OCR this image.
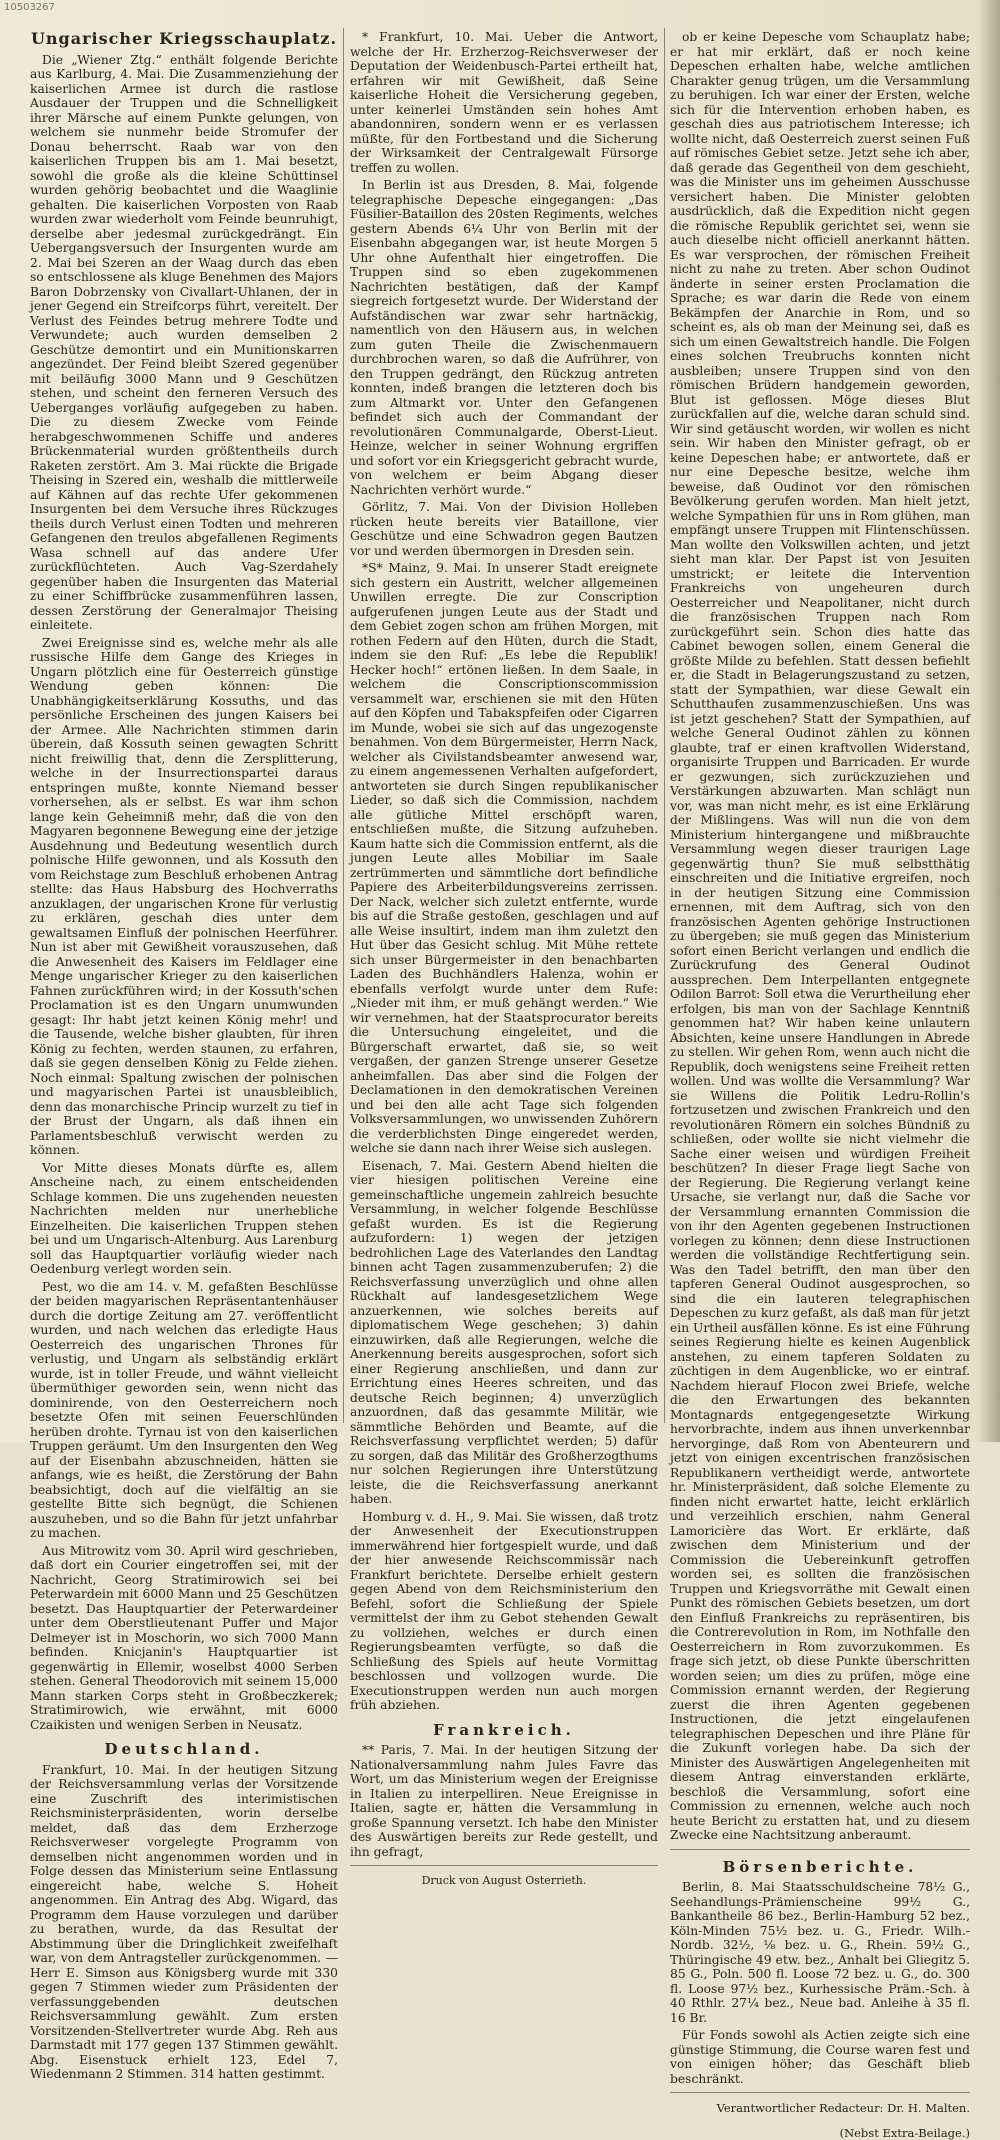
10503267
Ungarischer Kriegsschauplatz.

Die „Wiener Ztg.“ enthält folgende Berichte aus Karlburg, 4. Mai. Die Zusammenziehung der kaiserlichen Armee ist durch die rastlose Ausdauer der Truppen und die Schnelligkeit ihrer Märsche auf einem Punkte gelungen, von welchem sie nunmehr beide Stromufer der Donau beherrscht. Raab war von den kaiserlichen Truppen bis am 1. Mai besetzt, sowohl die große als die kleine Schüttinsel wurden gehörig beobachtet und die Waaglinie gehalten. Die kaiserlichen Vorposten von Raab wurden zwar wiederholt vom Feinde beunruhigt, derselbe aber jedesmal zurückgedrängt. Ein Uebergangsversuch der Insurgenten wurde am 2. Mai bei Szeren an der Waag durch das eben so entschlossene als kluge Benehmen des Majors Baron Dobrzensky von Civallart-Uhlanen, der in jener Gegend ein Streifcorps führt, vereitelt. Der Verlust des Feindes betrug mehrere Todte und Verwundete; auch wurden demselben 2 Geschütze demontirt und ein Munitionskarren angezündet. Der Feind bleibt Szered gegenüber mit beiläufig 3000 Mann und 9 Geschützen stehen, und scheint den ferneren Versuch des Ueberganges vorläufig aufgegeben zu haben. Die zu diesem Zwecke vom Feinde herabgeschwommenen Schiffe und anderes Brückenmaterial wurden größtentheils durch Raketen zerstört. Am 3. Mai rückte die Brigade Theising in Szered ein, weshalb die mittlerweile auf Kähnen auf das rechte Ufer gekommenen Insurgenten bei dem Versuche ihres Rückzuges theils durch Verlust einen Todten und mehreren Gefangenen den treulos abgefallenen Regiments Wasa schnell auf das andere Ufer zurückflüchteten. Auch Vag-Szerdahely gegenüber haben die Insurgenten das Material zu einer Schiffbrücke zusammenführen lassen, dessen Zerstörung der Generalmajor Theising einleitete.

Zwei Ereignisse sind es, welche mehr als alle russische Hilfe dem Gange des Krieges in Ungarn plötzlich eine für Oesterreich günstige Wendung geben können: Die Unabhängigkeitserklärung Kossuths, und das persönliche Erscheinen des jungen Kaisers bei der Armee. Alle Nachrichten stimmen darin überein, daß Kossuth seinen gewagten Schritt nicht freiwillig that, denn die Zersplitterung, welche in der Insurrectionspartei daraus entspringen mußte, konnte Niemand besser vorhersehen, als er selbst. Es war ihm schon lange kein Geheimniß mehr, daß die von den Magyaren begonnene Bewegung eine der jetzige Ausdehnung und Bedeutung wesentlich durch polnische Hilfe gewonnen, und als Kossuth den vom Reichstage zum Beschluß erhobenen Antrag stellte: das Haus Habsburg des Hochverraths anzuklagen, der ungarischen Krone für verlustig zu erklären, geschah dies unter dem gewaltsamen Einfluß der polnischen Heerführer. Nun ist aber mit Gewißheit vorauszusehen, daß die Anwesenheit des Kaisers im Feldlager eine Menge ungarischer Krieger zu den kaiserlichen Fahnen zurückführen wird; in der Kossuth'schen Proclamation ist es den Ungarn unumwunden gesagt: Ihr habt jetzt keinen König mehr! und die Tausende, welche bisher glaubten, für ihren König zu fechten, werden staunen, zu erfahren, daß sie gegen denselben König zu Felde ziehen. Noch einmal: Spaltung zwischen der polnischen und magyarischen Partei ist unausbleiblich, denn das monarchische Princip wurzelt zu tief in der Brust der Ungarn, als daß ihnen ein Parlamentsbeschluß verwischt werden zu können.

Vor Mitte dieses Monats dürfte es, allem Anscheine nach, zu einem entscheidenden Schlage kommen. Die uns zugehenden neuesten Nachrichten melden nur unerhebliche Einzelheiten. Die kaiserlichen Truppen stehen bei und um Ungarisch-Altenburg. Aus Larenburg soll das Hauptquartier vorläufig wieder nach Oedenburg verlegt worden sein.

Pest, wo die am 14. v. M. gefaßten Beschlüsse der beiden magyarischen Repräsentantenhäuser durch die dortige Zeitung am 27. veröffentlicht wurden, und nach welchen das erledigte Haus Oesterreich des ungarischen Thrones für verlustig, und Ungarn als selbständig erklärt wurde, ist in toller Freude, und wähnt vielleicht übermüthiger geworden sein, wenn nicht das dominirende, von den Oesterreichern noch besetzte Ofen mit seinen Feuerschlünden herüben drohte. Tyrnau ist von den kaiserlichen Truppen geräumt. Um den Insurgenten den Weg auf der Eisenbahn abzuschneiden, hätten sie anfangs, wie es heißt, die Zerstörung der Bahn beabsichtigt, doch auf die vielfältig an sie gestellte Bitte sich begnügt, die Schienen auszuheben, und so die Bahn für jetzt unfahrbar zu machen.

Aus Mitrowitz vom 30. April wird geschrieben, daß dort ein Courier eingetroffen sei, mit der Nachricht, Georg Stratimirowich sei bei Peterwardein mit 6000 Mann und 25 Geschützen besetzt. Das Hauptquartier der Peterwardeiner unter dem Oberstlieutenant Puffer und Major Delmeyer ist in Moschorin, wo sich 7000 Mann befinden. Knicjanin's Hauptquartier ist gegenwärtig in Ellemir, woselbst 4000 Serben stehen. General Theodorovich mit seinem 15,000 Mann starken Corps steht in Großbeczkerek; Stratimirowich, wie erwähnt, mit 6000 Czaikisten und wenigen Serben in Neusatz.

Deutschland.

Frankfurt, 10. Mai. In der heutigen Sitzung der Reichsversammlung verlas der Vorsitzende eine Zuschrift des interimistischen Reichsministerpräsidenten, worin derselbe meldet, daß das dem Erzherzoge Reichsverweser vorgelegte Programm von demselben nicht angenommen worden und in Folge dessen das Ministerium seine Entlassung eingereicht habe, welche S. Hoheit angenommen. Ein Antrag des Abg. Wigard, das Programm dem Hause vorzulegen und darüber zu berathen, wurde, da das Resultat der Abstimmung über die Dringlichkeit zweifelhaft war, von dem Antragsteller zurückgenommen. — Herr E. Simson aus Königsberg wurde mit 330 gegen 7 Stimmen wieder zum Präsidenten der verfassunggebenden deutschen Reichsversammlung gewählt. Zum ersten Vorsitzenden-Stellvertreter wurde Abg. Reh aus Darmstadt mit 177 gegen 137 Stimmen gewählt. Abg. Eisenstuck erhielt 123, Edel 7, Wiedenmann 2 Stimmen. 314 hatten gestimmt.

* Frankfurt, 10. Mai. Ueber die Antwort, welche der Hr. Erzherzog-Reichsverweser der Deputation der Weidenbusch-Partei ertheilt hat, erfahren wir mit Gewißheit, daß Seine kaiserliche Hoheit die Versicherung gegeben, unter keinerlei Umständen sein hohes Amt abandonniren, sondern wenn er es verlassen müßte, für den Fortbestand und die Sicherung der Wirksamkeit der Centralgewalt Fürsorge treffen zu wollen.

In Berlin ist aus Dresden, 8. Mai, folgende telegraphische Depesche eingegangen: „Das Füsilier-Bataillon des 20sten Regiments, welches gestern Abends 6¼ Uhr von Berlin mit der Eisenbahn abgegangen war, ist heute Morgen 5 Uhr ohne Aufenthalt hier eingetroffen. Die Truppen sind so eben zugekommenen Nachrichten bestätigen, daß der Kampf siegreich fortgesetzt wurde. Der Widerstand der Aufständischen war zwar sehr hartnäckig, namentlich von den Häusern aus, in welchen zum guten Theile die Zwischenmauern durchbrochen waren, so daß die Aufrührer, von den Truppen gedrängt, den Rückzug antreten konnten, indeß brangen die letzteren doch bis zum Altmarkt vor. Unter den Gefangenen befindet sich auch der Commandant der revolutionären Communalgarde, Oberst-Lieut. Heinze, welcher in seiner Wohnung ergriffen und sofort vor ein Kriegsgericht gebracht wurde, von welchem er beim Abgang dieser Nachrichten verhört wurde.“

Görlitz, 7. Mai. Von der Division Holleben rücken heute bereits vier Bataillone, vier Geschütze und eine Schwadron gegen Bautzen vor und werden übermorgen in Dresden sein.

*S* Mainz, 9. Mai. In unserer Stadt ereignete sich gestern ein Austritt, welcher allgemeinen Unwillen erregte. Die zur Conscription aufgerufenen jungen Leute aus der Stadt und dem Gebiet zogen schon am frühen Morgen, mit rothen Federn auf den Hüten, durch die Stadt, indem sie den Ruf: „Es lebe die Republik! Hecker hoch!“ ertönen ließen. In dem Saale, in welchem die Conscriptionscommission versammelt war, erschienen sie mit den Hüten auf den Köpfen und Tabakspfeifen oder Cigarren im Munde, wobei sie sich auf das ungezogenste benahmen. Von dem Bürgermeister, Herrn Nack, welcher als Civilstandsbeamter anwesend war, zu einem angemessenen Verhalten aufgefordert, antworteten sie durch Singen republikanischer Lieder, so daß sich die Commission, nachdem alle gütliche Mittel erschöpft waren, entschließen mußte, die Sitzung aufzuheben. Kaum hatte sich die Commission entfernt, als die jungen Leute alles Mobiliar im Saale zertrümmerten und sämmtliche dort befindliche Papiere des Arbeiterbildungsvereins zerrissen. Der Nack, welcher sich zuletzt entfernte, wurde bis auf die Straße gestoßen, geschlagen und auf alle Weise insultirt, indem man ihm zuletzt den Hut über das Gesicht schlug. Mit Mühe rettete sich unser Bürgermeister in den benachbarten Laden des Buchhändlers Halenza, wohin er ebenfalls verfolgt wurde unter dem Rufe: „Nieder mit ihm, er muß gehängt werden.“ Wie wir vernehmen, hat der Staatsprocurator bereits die Untersuchung eingeleitet, und die Bürgerschaft erwartet, daß sie, so weit vergaßen, der ganzen Strenge unserer Gesetze anheimfallen. Das aber sind die Folgen der Declamationen in den demokratischen Vereinen und bei den alle acht Tage sich folgenden Volksversammlungen, wo unwissenden Zuhörern die verderblichsten Dinge eingeredet werden, welche sie dann nach ihrer Weise sich auslegen.

Eisenach, 7. Mai. Gestern Abend hielten die vier hiesigen politischen Vereine eine gemeinschaftliche ungemein zahlreich besuchte Versammlung, in welcher folgende Beschlüsse gefaßt wurden. Es ist die Regierung aufzufordern: 1) wegen der jetzigen bedrohlichen Lage des Vaterlandes den Landtag binnen acht Tagen zusammenzuberufen; 2) die Reichsverfassung unverzüglich und ohne allen Rückhalt auf landesgesetzlichem Wege anzuerkennen, wie solches bereits auf diplomatischem Wege geschehen; 3) dahin einzuwirken, daß alle Regierungen, welche die Anerkennung bereits ausgesprochen, sofort sich einer Regierung anschließen, und dann zur Errichtung eines Heeres schreiten, und das deutsche Reich beginnen; 4) unverzüglich anzuordnen, daß das gesammte Militär, wie sämmtliche Behörden und Beamte, auf die Reichsverfassung verpflichtet werden; 5) dafür zu sorgen, daß das Militär des Großherzogthums nur solchen Regierungen ihre Unterstützung leiste, die die Reichsverfassung anerkannt haben.

Homburg v. d. H., 9. Mai. Sie wissen, daß trotz der Anwesenheit der Executionstruppen immerwährend hier fortgespielt wurde, und daß der hier anwesende Reichscommissär nach Frankfurt berichtete. Derselbe erhielt gestern gegen Abend von dem Reichsministerium den Befehl, sofort die Schließung der Spiele vermittelst der ihm zu Gebot stehenden Gewalt zu vollziehen, welches er durch einen Regierungsbeamten verfügte, so daß die Schließung des Spiels auf heute Vormittag beschlossen und vollzogen wurde. Die Executionstruppen werden nun auch morgen früh abziehen.

Frankreich.

** Paris, 7. Mai. In der heutigen Sitzung der Nationalversammlung nahm Jules Favre das Wort, um das Ministerium wegen der Ereignisse in Italien zu interpelliren. Neue Ereignisse in Italien, sagte er, hätten die Versammlung in große Spannung versetzt. Ich habe den Minister des Auswärtigen bereits zur Rede gestellt, und ihn gefragt,

Druck von August Osterrieth.

ob er keine Depesche vom Schauplatz habe; er hat mir erklärt, daß er noch keine Depeschen erhalten habe, welche amtlichen Charakter genug trügen, um die Versammlung zu beruhigen. Ich war einer der Ersten, welche sich für die Intervention erhoben haben, es geschah dies aus patriotischem Interesse; ich wollte nicht, daß Oesterreich zuerst seinen Fuß auf römisches Gebiet setze. Jetzt sehe ich aber, daß gerade das Gegentheil von dem geschieht, was die Minister uns im geheimen Ausschusse versichert haben. Die Minister gelobten ausdrücklich, daß die Expedition nicht gegen die römische Republik gerichtet sei, wenn sie auch dieselbe nicht officiell anerkannt hätten. Es war versprochen, der römischen Freiheit nicht zu nahe zu treten. Aber schon Oudinot änderte in seiner ersten Proclamation die Sprache; es war darin die Rede von einem Bekämpfen der Anarchie in Rom, und so scheint es, als ob man der Meinung sei, daß es sich um einen Gewaltstreich handle. Die Folgen eines solchen Treubruchs konnten nicht ausbleiben; unsere Truppen sind von den römischen Brüdern handgemein geworden, Blut ist geflossen. Möge dieses Blut zurückfallen auf die, welche daran schuld sind. Wir sind getäuscht worden, wir wollen es nicht sein. Wir haben den Minister gefragt, ob er keine Depeschen habe; er antwortete, daß er nur eine Depesche besitze, welche ihm beweise, daß Oudinot vor den römischen Bevölkerung gerufen worden. Man hielt jetzt, welche Sympathien für uns in Rom glühen, man empfängt unsere Truppen mit Flintenschüssen. Man wollte den Volkswillen achten, und jetzt sieht man klar. Der Papst ist von Jesuiten umstrickt; er leitete die Intervention Frankreichs von ungeheuren durch Oesterreicher und Neapolitaner, nicht durch die französischen Truppen nach Rom zurückgeführt sein. Schon dies hatte das Cabinet bewogen sollen, einem General die größte Milde zu befehlen. Statt dessen befiehlt er, die Stadt in Belagerungszustand zu setzen, statt der Sympathien, war diese Gewalt ein Schutthaufen zusammenzuschießen. Uns was ist jetzt geschehen? Statt der Sympathien, auf welche General Oudinot zählen zu können glaubte, traf er einen kraftvollen Widerstand, organisirte Truppen und Barricaden. Er wurde er gezwungen, sich zurückzuziehen und Verstärkungen abzuwarten. Man schlägt nun vor, was man nicht mehr, es ist eine Erklärung der Mißlingens. Was will nun die von dem Ministerium hintergangene und mißbrauchte Versammlung wegen dieser traurigen Lage gegenwärtig thun? Sie muß selbstthätig einschreiten und die Initiative ergreifen, noch in der heutigen Sitzung eine Commission ernennen, mit dem Auftrag, sich von den französischen Agenten gehörige Instructionen zu übergeben; sie muß gegen das Ministerium sofort einen Bericht verlangen und endlich die Zurückrufung des General Oudinot aussprechen. Dem Interpellanten entgegnete Odilon Barrot: Soll etwa die Verurtheilung eher erfolgen, bis man von der Sachlage Kenntniß genommen hat? Wir haben keine unlautern Absichten, keine unsere Handlungen in Abrede zu stellen. Wir gehen Rom, wenn auch nicht die Republik, doch wenigstens seine Freiheit retten wollen. Und was wollte die Versammlung? War sie Willens die Politik Ledru-Rollin's fortzusetzen und zwischen Frankreich und den revolutionären Römern ein solches Bündniß zu schließen, oder wollte sie nicht vielmehr die Sache einer weisen und würdigen Freiheit beschützen? In dieser Frage liegt Sache von der Regierung. Die Regierung verlangt keine Ursache, sie verlangt nur, daß die Sache vor der Versammlung ernannten Commission die von ihr den Agenten gegebenen Instructionen vorlegen zu können; denn diese Instructionen werden die vollständige Rechtfertigung sein. Was den Tadel betrifft, den man über den tapferen General Oudinot ausgesprochen, so sind die ein lauteren telegraphischen Depeschen zu kurz gefaßt, als daß man für jetzt ein Urtheil ausfällen könne. Es ist eine Führung seines Regierung hielte es keinen Augenblick anstehen, zu einem tapferen Soldaten zu züchtigen in dem Augenblicke, wo er eintraf. Nachdem hierauf Flocon zwei Briefe, welche die den Erwartungen des bekannten Montagnards entgegengesetzte Wirkung hervorbrachte, indem aus ihnen unverkennbar hervorginge, daß Rom von Abenteurern und jetzt von einigen excentrischen französischen Republikanern vertheidigt werde, antwortete hr. Ministerpräsident, daß solche Elemente zu finden nicht erwartet hatte, leicht erklärlich und verzeihlich erschien, nahm General Lamoricière das Wort. Er erklärte, daß zwischen dem Ministerium und der Commission die Uebereinkunft getroffen worden sei, es sollten die französischen Truppen und Kriegsvorräthe mit Gewalt einen Punkt des römischen Gebiets besetzen, um dort den Einfluß Frankreichs zu repräsentiren, bis die Contrerevolution in Rom, im Nothfalle den Oesterreichern in Rom zuvorzukommen. Es frage sich jetzt, ob diese Punkte überschritten worden seien; um dies zu prüfen, möge eine Commission ernannt werden, der Regierung zuerst die ihren Agenten gegebenen Instructionen, die jetzt eingelaufenen telegraphischen Depeschen und ihre Pläne für die Zukunft vorlegen habe. Da sich der Minister des Auswärtigen Angelegenheiten mit diesem Antrag einverstanden erklärte, beschloß die Versammlung, sofort eine Commission zu ernennen, welche auch noch heute Bericht zu erstatten hat, und zu diesem Zwecke eine Nachtsitzung anberaumt.

Börsenberichte.

Berlin, 8. Mai Staatsschuldscheine 78½ G., Seehandlungs-Prämienscheine 99½ G., Bankantheile 86 bez., Berlin-Hamburg 52 bez., Köln-Minden 75½ bez. u. G., Friedr. Wilh.-Nordb. 32½, ⅛ bez. u. G., Rhein. 59½ G., Thüringische 49 etw. bez., Anhalt bei Gliegitz 5. 85 G., Poln. 500 fl. Loose 72 bez. u. G., do. 300 fl. Loose 97½ bez., Kurhessische Präm.-Sch. à 40 Rthlr. 27¼ bez., Neue bad. Anleihe à 35 fl. 16 Br.

Für Fonds sowohl als Actien zeigte sich eine günstige Stimmung, die Course waren fest und von einigen höher; das Geschäft blieb beschränkt.

Verantwortlicher Redacteur: Dr. H. Malten.
(Nebst Extra-Beilage.)
